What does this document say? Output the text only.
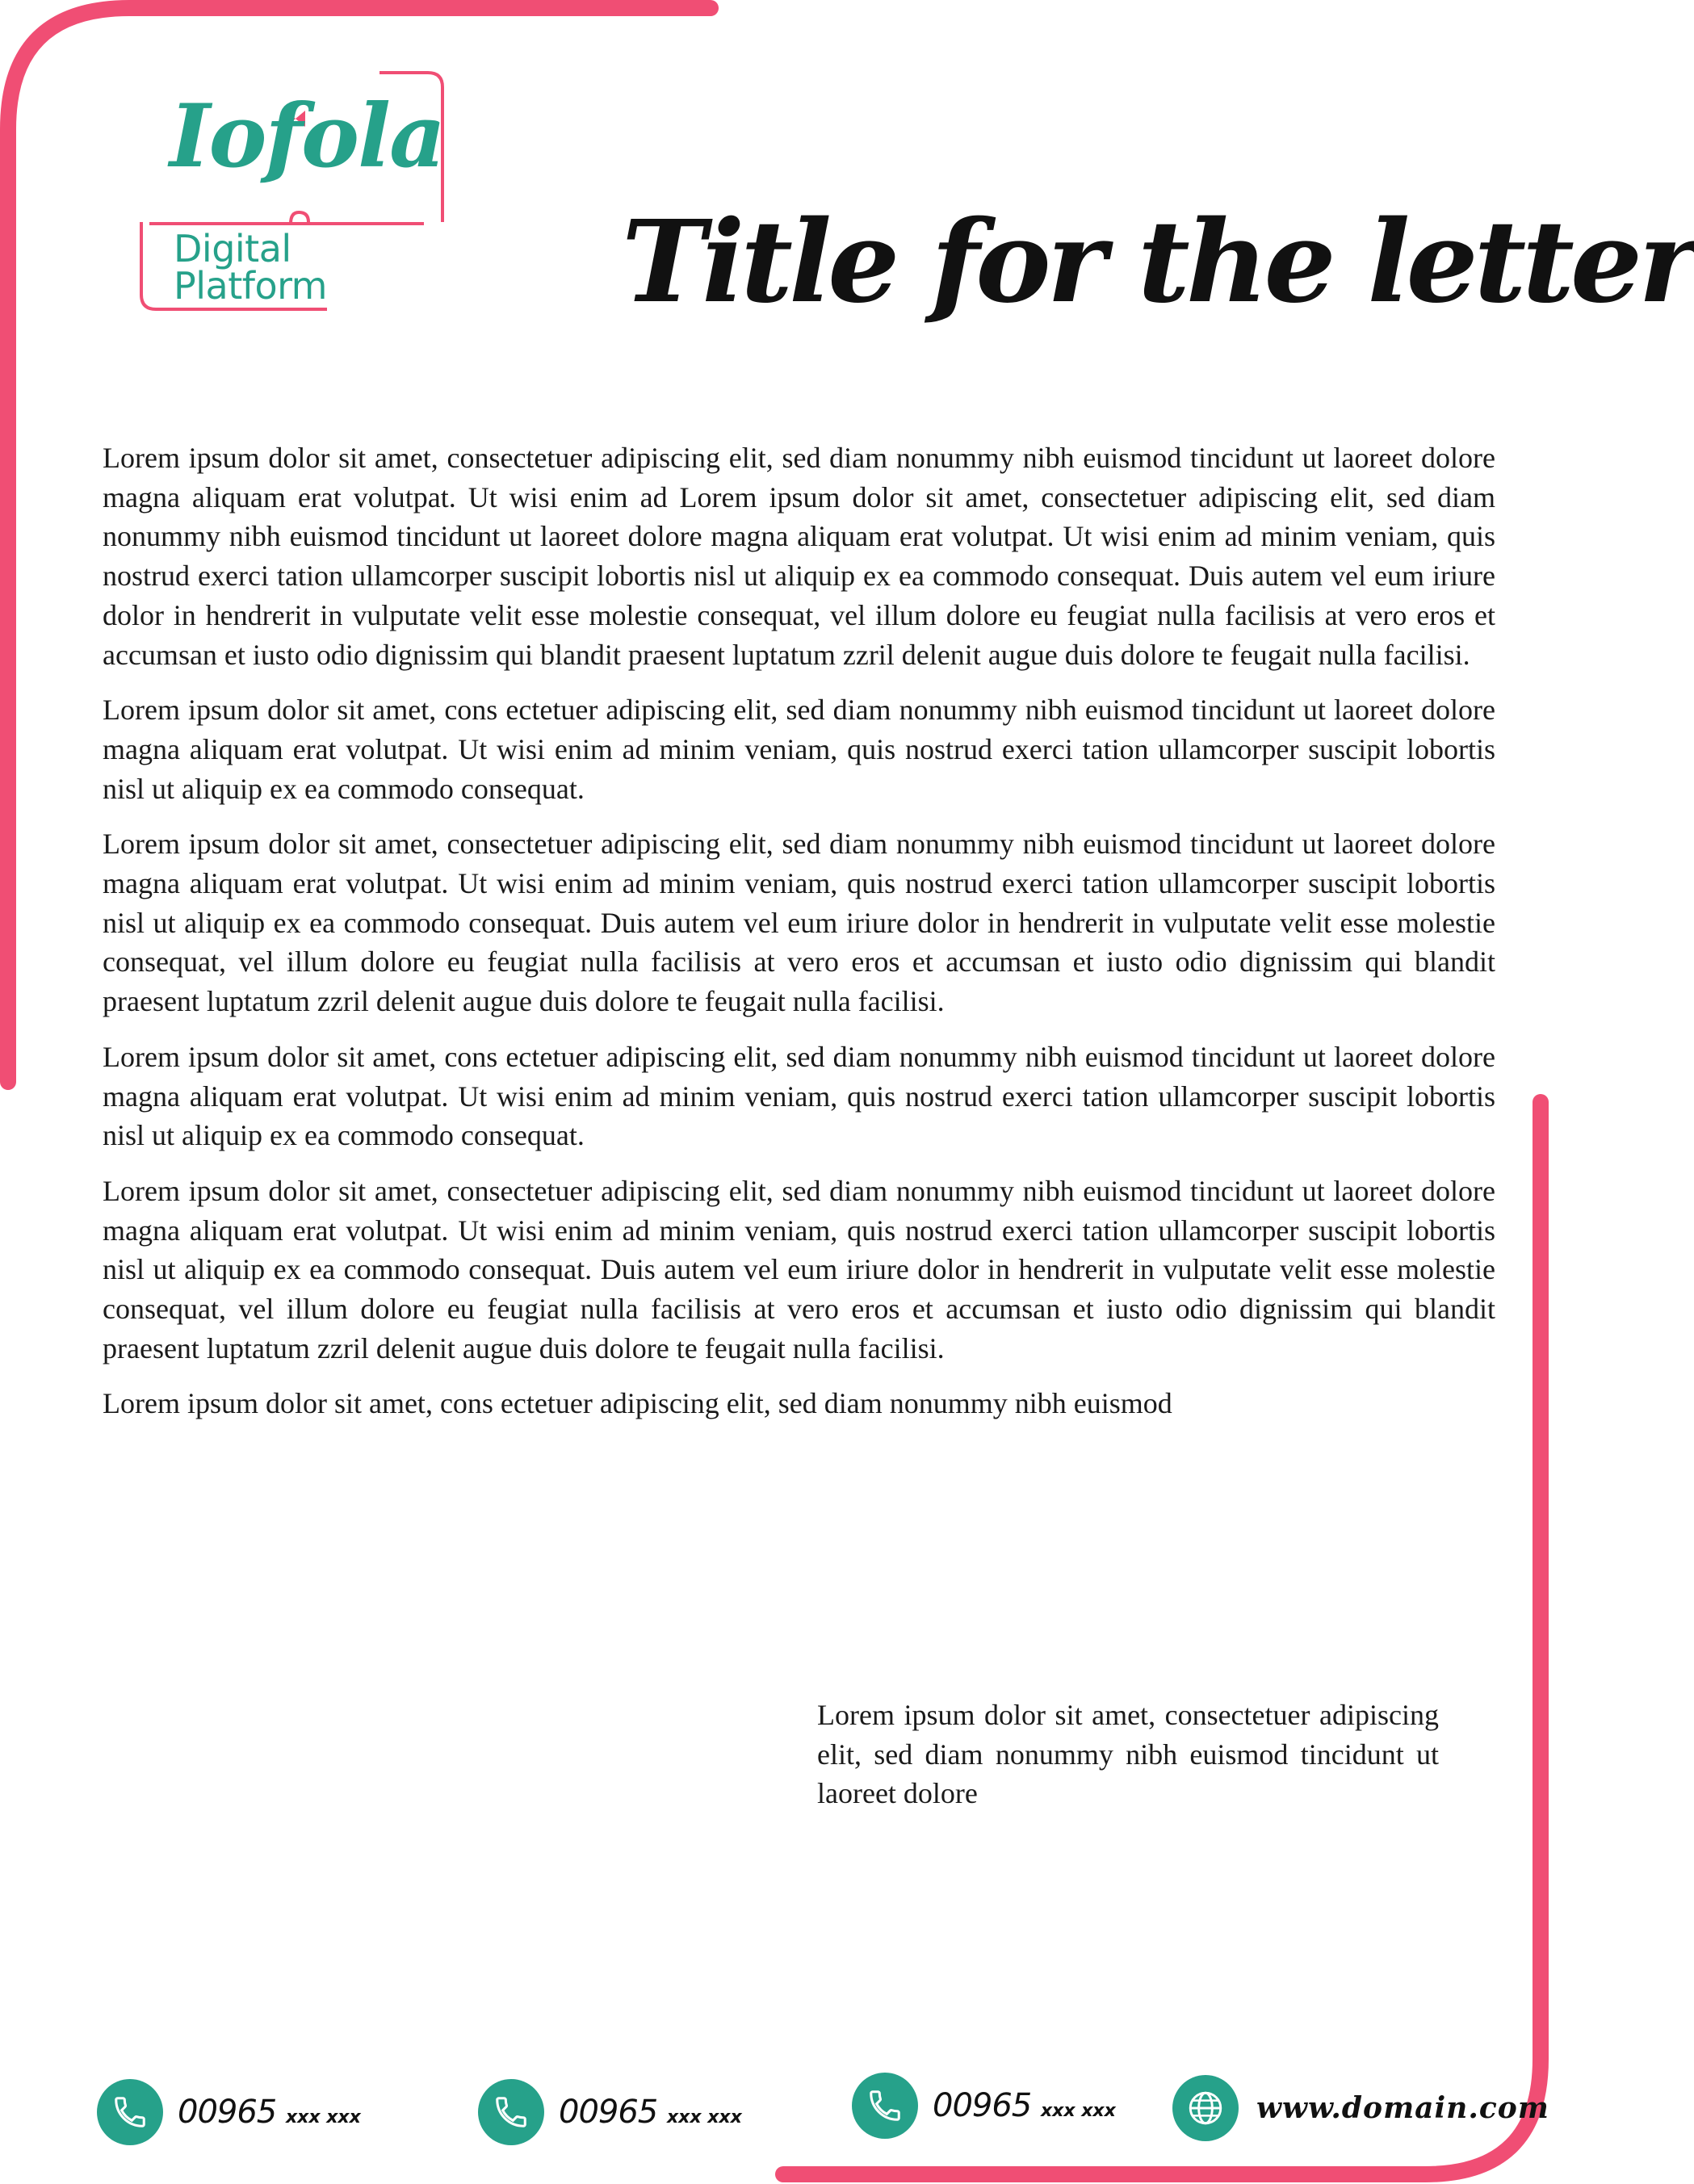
Iofola
Digital Platform	Title for the letter

Lorem ipsum dolor sit amet, consectetuer adipiscing elit, sed diam nonummy nibh euismod tincidunt ut laoreet dolore magna aliquam erat volutpat. Ut wisi enim ad Lorem ipsum dolor sit amet, consectetuer adipiscing elit, sed diam nonummy nibh euismod tincidunt ut laoreet dolore magna aliquam erat volutpat. Ut wisi enim ad minim veniam, quis nostrud exerci tation ullamcorper suscipit lobortis nisl ut aliquip ex ea commodo consequat. Duis autem vel eum iriure dolor in hendrerit in vulputate velit esse molestie consequat, vel illum dolore eu feugiat nulla facilisis at vero eros et accumsan et iusto odio dignissim qui blandit praesent luptatum zzril delenit augue duis dolore te feugait nulla facilisi.

Lorem ipsum dolor sit amet, cons ectetuer adipiscing elit, sed diam nonummy nibh euismod tincidunt ut laoreet dolore magna aliquam erat volutpat. Ut wisi enim ad minim veniam, quis nostrud exerci tation ullamcorper suscipit lobortis nisl ut aliquip ex ea commodo consequat.

Lorem ipsum dolor sit amet, consectetuer adipiscing elit, sed diam nonummy nibh euismod tincidunt ut laoreet dolore magna aliquam erat volutpat. Ut wisi enim ad minim veniam, quis nostrud exerci tation ullamcorper suscipit lobortis nisl ut aliquip ex ea commodo consequat. Duis autem vel eum iriure dolor in hendrerit in vulputate velit esse molestie consequat, vel illum dolore eu feugiat nulla facilisis at vero eros et accumsan et iusto odio dignissim qui blandit praesent luptatum zzril delenit augue duis dolore te feugait nulla facilisi.

Lorem ipsum dolor sit amet, cons ectetuer adipiscing elit, sed diam nonummy nibh euismod tincidunt ut laoreet dolore magna aliquam erat volutpat. Ut wisi enim ad minim veniam, quis nostrud exerci tation ullamcorper suscipit lobortis nisl ut aliquip ex ea commodo consequat.

Lorem ipsum dolor sit amet, consectetuer adipiscing elit, sed diam nonummy nibh euismod tincidunt ut laoreet dolore magna aliquam erat volutpat. Ut wisi enim ad minim veniam, quis nostrud exerci tation ullamcorper suscipit lobortis nisl ut aliquip ex ea commodo consequat. Duis autem vel eum iriure dolor in hendrerit in vulputate velit esse molestie consequat, vel illum dolore eu feugiat nulla facilisis at vero eros et accumsan et iusto odio dignissim qui blandit praesent luptatum zzril delenit augue duis dolore te feugait nulla facilisi.

Lorem ipsum dolor sit amet, cons ectetuer adipiscing elit, sed diam nonummy nibh euismod

Lorem ipsum dolor sit amet, consectetuer adipiscing elit, sed diam nonummy nibh euismod tincidunt ut laoreet dolore

00965 xxx xxx	00965 xxx xxx	00965 xxx xxx	www.domain.com
